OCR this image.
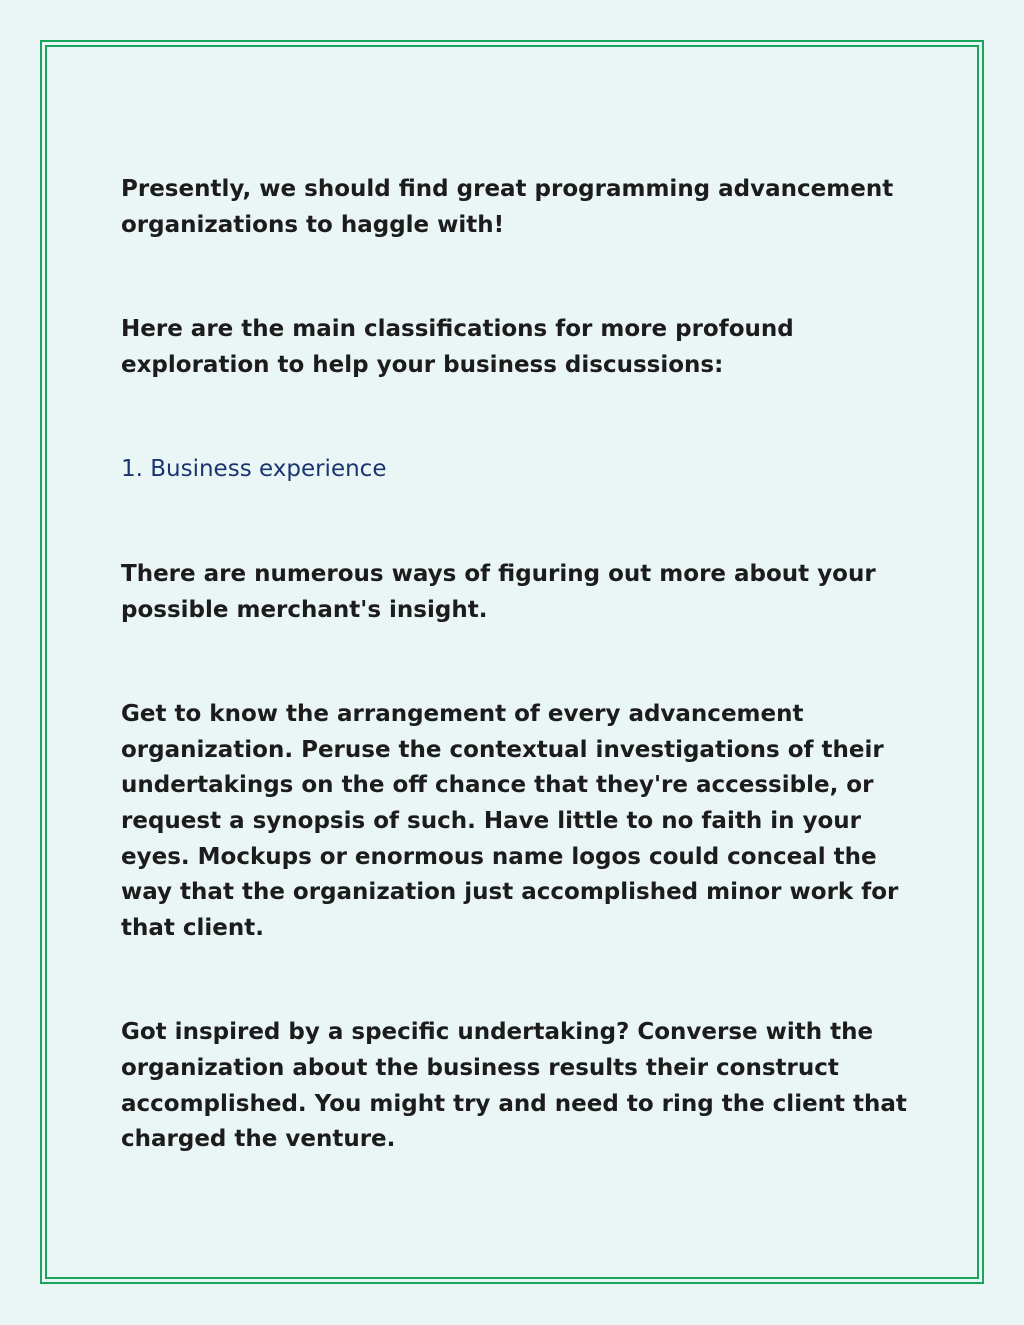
Presently, we should find great programming advancement
organizations to haggle with!

Here are the main classifications for more profound
exploration to help your business discussions:

1. Business experience

There are numerous ways of figuring out more about your
possible merchant's insight.

Get to know the arrangement of every advancement
organization. Peruse the contextual investigations of their
undertakings on the off chance that they're accessible, or
request a synopsis of such. Have little to no faith in your
eyes. Mockups or enormous name logos could conceal the
way that the organization just accomplished minor work for
that client.

Got inspired by a specific undertaking? Converse with the
organization about the business results their construct
accomplished. You might try and need to ring the client that
charged the venture.
